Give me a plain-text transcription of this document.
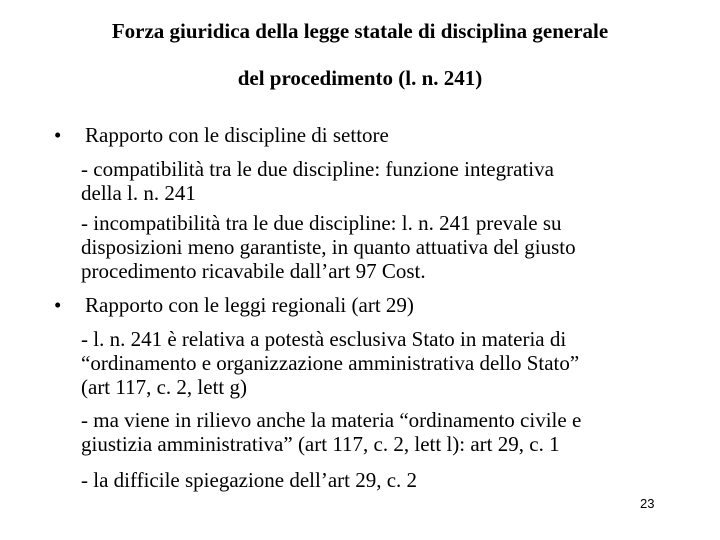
Forza giuridica della legge statale di disciplina generale
del procedimento (l. n. 241)
•	Rapporto con le discipline di settore
- compatibilità tra le due discipline: funzione integrativa
della l. n. 241
- incompatibilità tra le due discipline: l. n. 241 prevale su
disposizioni meno garantiste, in quanto attuativa del giusto
procedimento ricavabile dall’art 97 Cost.
•	Rapporto con le leggi regionali (art 29)
- l. n. 241 è relativa a potestà esclusiva Stato in materia di
“ordinamento e organizzazione amministrativa dello Stato”
(art 117, c. 2, lett g)
- ma viene in rilievo anche la materia “ordinamento civile e
giustizia amministrativa” (art 117, c. 2, lett l): art 29, c. 1
- la difficile spiegazione dell’art 29, c. 2
23
